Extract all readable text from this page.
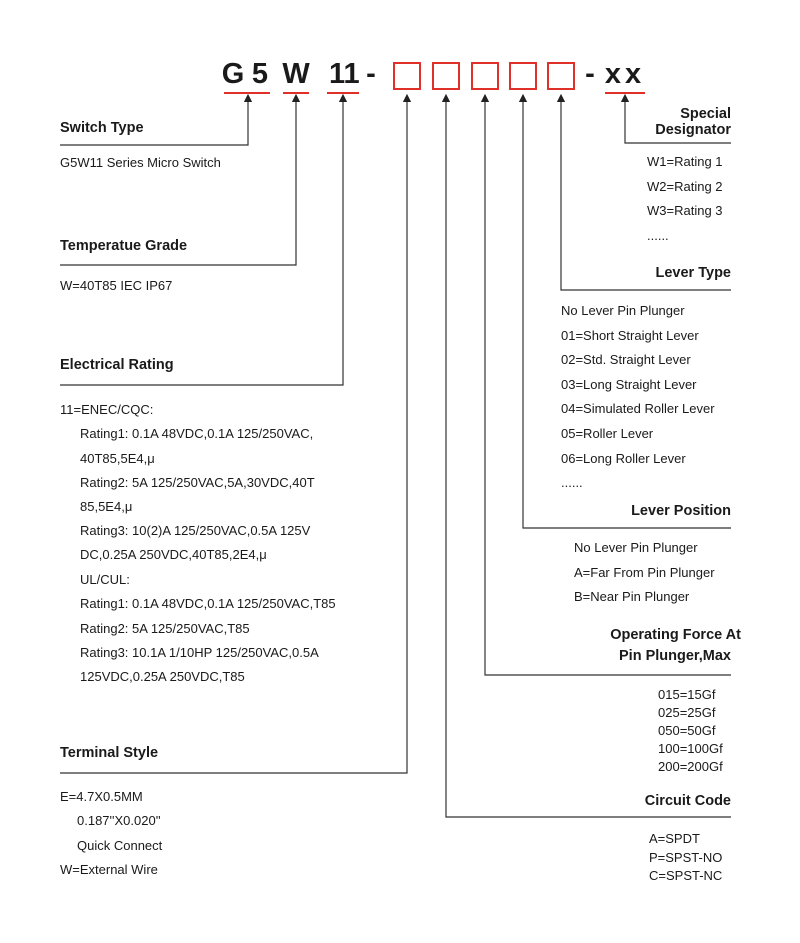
G 5 W 11 -	- xx
Switch Type
G5W11 Series Micro Switch
Temperatue Grade
W=40T85 IEC IP67
Electrical Rating
11=ENEC/CQC:
Rating1: 0.1A 48VDC,0.1A 125/250VAC,
40T85,5E4,μ
Rating2: 5A 125/250VAC,5A,30VDC,40T
85,5E4,μ
Rating3: 10(2)A 125/250VAC,0.5A 125V
DC,0.25A 250VDC,40T85,2E4,μ
UL/CUL:
Rating1: 0.1A 48VDC,0.1A 125/250VAC,T85
Rating2: 5A 125/250VAC,T85
Rating3: 10.1A 1/10HP 125/250VAC,0.5A
125VDC,0.25A 250VDC,T85
Terminal Style
E=4.7X0.5MM
0.187''X0.020''
Quick Connect
W=External Wire
Special
Designator
W1=Rating 1
W2=Rating 2
W3=Rating 3
......
Lever Type
No Lever Pin Plunger
01=Short Straight Lever
02=Std. Straight Lever
03=Long Straight Lever
04=Simulated Roller Lever
05=Roller Lever
06=Long Roller Lever
......
Lever Position
No Lever Pin Plunger
A=Far From Pin Plunger
B=Near Pin Plunger
Operating Force At
Pin Plunger,Max
015=15Gf
025=25Gf
050=50Gf
100=100Gf
200=200Gf
Circuit Code
A=SPDT
P=SPST-NO
C=SPST-NC
